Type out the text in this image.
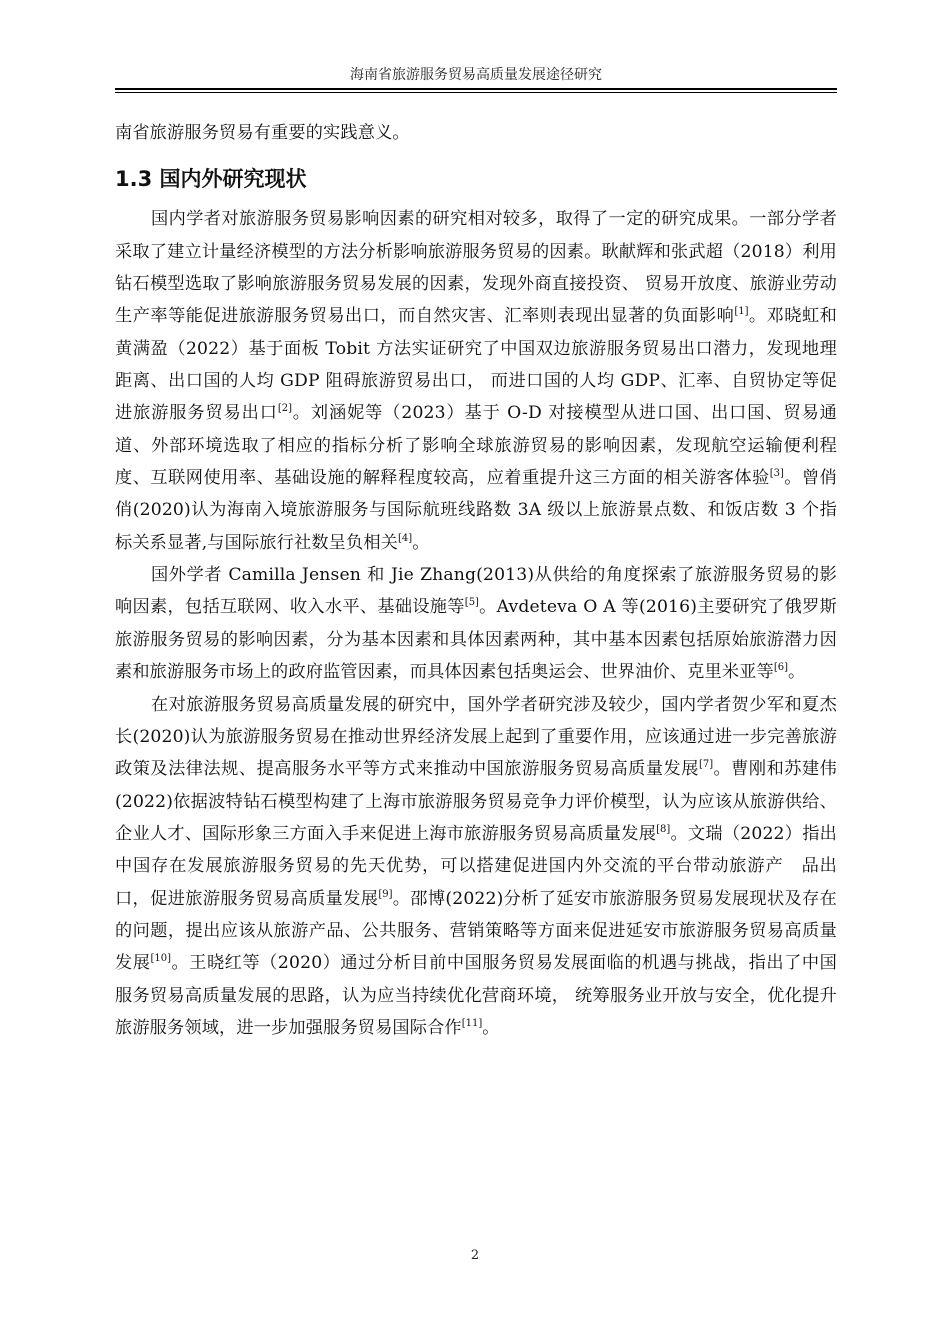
海南省旅游服务贸易高质量发展途径研究

南省旅游服务贸易有重要的实践意义。

1.3 国内外研究现状

国内学者对旅游服务贸易影响因素的研究相对较多，取得了一定的研究成果。一部分学者采取了建立计量经济模型的方法分析影响旅游服务贸易的因素。耿献辉和张武超（2018）利用钻石模型选取了影响旅游服务贸易发展的因素，发现外商直接投资、 贸易开放度、旅游业劳动生产率等能促进旅游服务贸易出口，而自然灾害、汇率则表现出显著的负面影响[1]。邓晓虹和黄满盈（2022）基于面板 Tobit 方法实证研究了中国双边旅游服务贸易出口潜力，发现地理距离、出口国的人均 GDP 阻碍旅游贸易出口， 而进口国的人均 GDP、汇率、自贸协定等促进旅游服务贸易出口[2]。刘涵妮等（2023）基于 O-D 对接模型从进口国、出口国、贸易通道、外部环境选取了相应的指标分析了影响全球旅游贸易的影响因素，发现航空运输便利程度、互联网使用率、基础设施的解释程度较高，应着重提升这三方面的相关游客体验[3]。曾俏俏(2020)认为海南入境旅游服务与国际航班线路数 3A 级以上旅游景点数、和饭店数 3 个指标关系显著,与国际旅行社数呈负相关[4]。

国外学者 Camilla Jensen 和 Jie Zhang(2013)从供给的角度探索了旅游服务贸易的影响因素，包括互联网、收入水平、基础设施等[5]。Avdeteva O A 等(2016)主要研究了俄罗斯旅游服务贸易的影响因素，分为基本因素和具体因素两种，其中基本因素包括原始旅游潜力因素和旅游服务市场上的政府监管因素，而具体因素包括奥运会、世界油价、克里米亚等[6]。

在对旅游服务贸易高质量发展的研究中，国外学者研究涉及较少，国内学者贺少军和夏杰长(2020)认为旅游服务贸易在推动世界经济发展上起到了重要作用，应该通过进一步完善旅游政策及法律法规、提高服务水平等方式来推动中国旅游服务贸易高质量发展[7]。曹刚和苏建伟(2022)依据波特钻石模型构建了上海市旅游服务贸易竞争力评价模型，认为应该从旅游供给、企业人才、国际形象三方面入手来促进上海市旅游服务贸易高质量发展[8]。文瑞（2022）指出中国存在发展旅游服务贸易的先天优势，可以搭建促进国内外交流的平台带动旅游产　品出口，促进旅游服务贸易高质量发展[9]。邵博(2022)分析了延安市旅游服务贸易发展现状及存在的问题，提出应该从旅游产品、公共服务、营销策略等方面来促进延安市旅游服务贸易高质量发展[10]。王晓红等（2020）通过分析目前中国服务贸易发展面临的机遇与挑战，指出了中国服务贸易高质量发展的思路，认为应当持续优化营商环境， 统筹服务业开放与安全，优化提升旅游服务领域，进一步加强服务贸易国际合作[11]。

2
